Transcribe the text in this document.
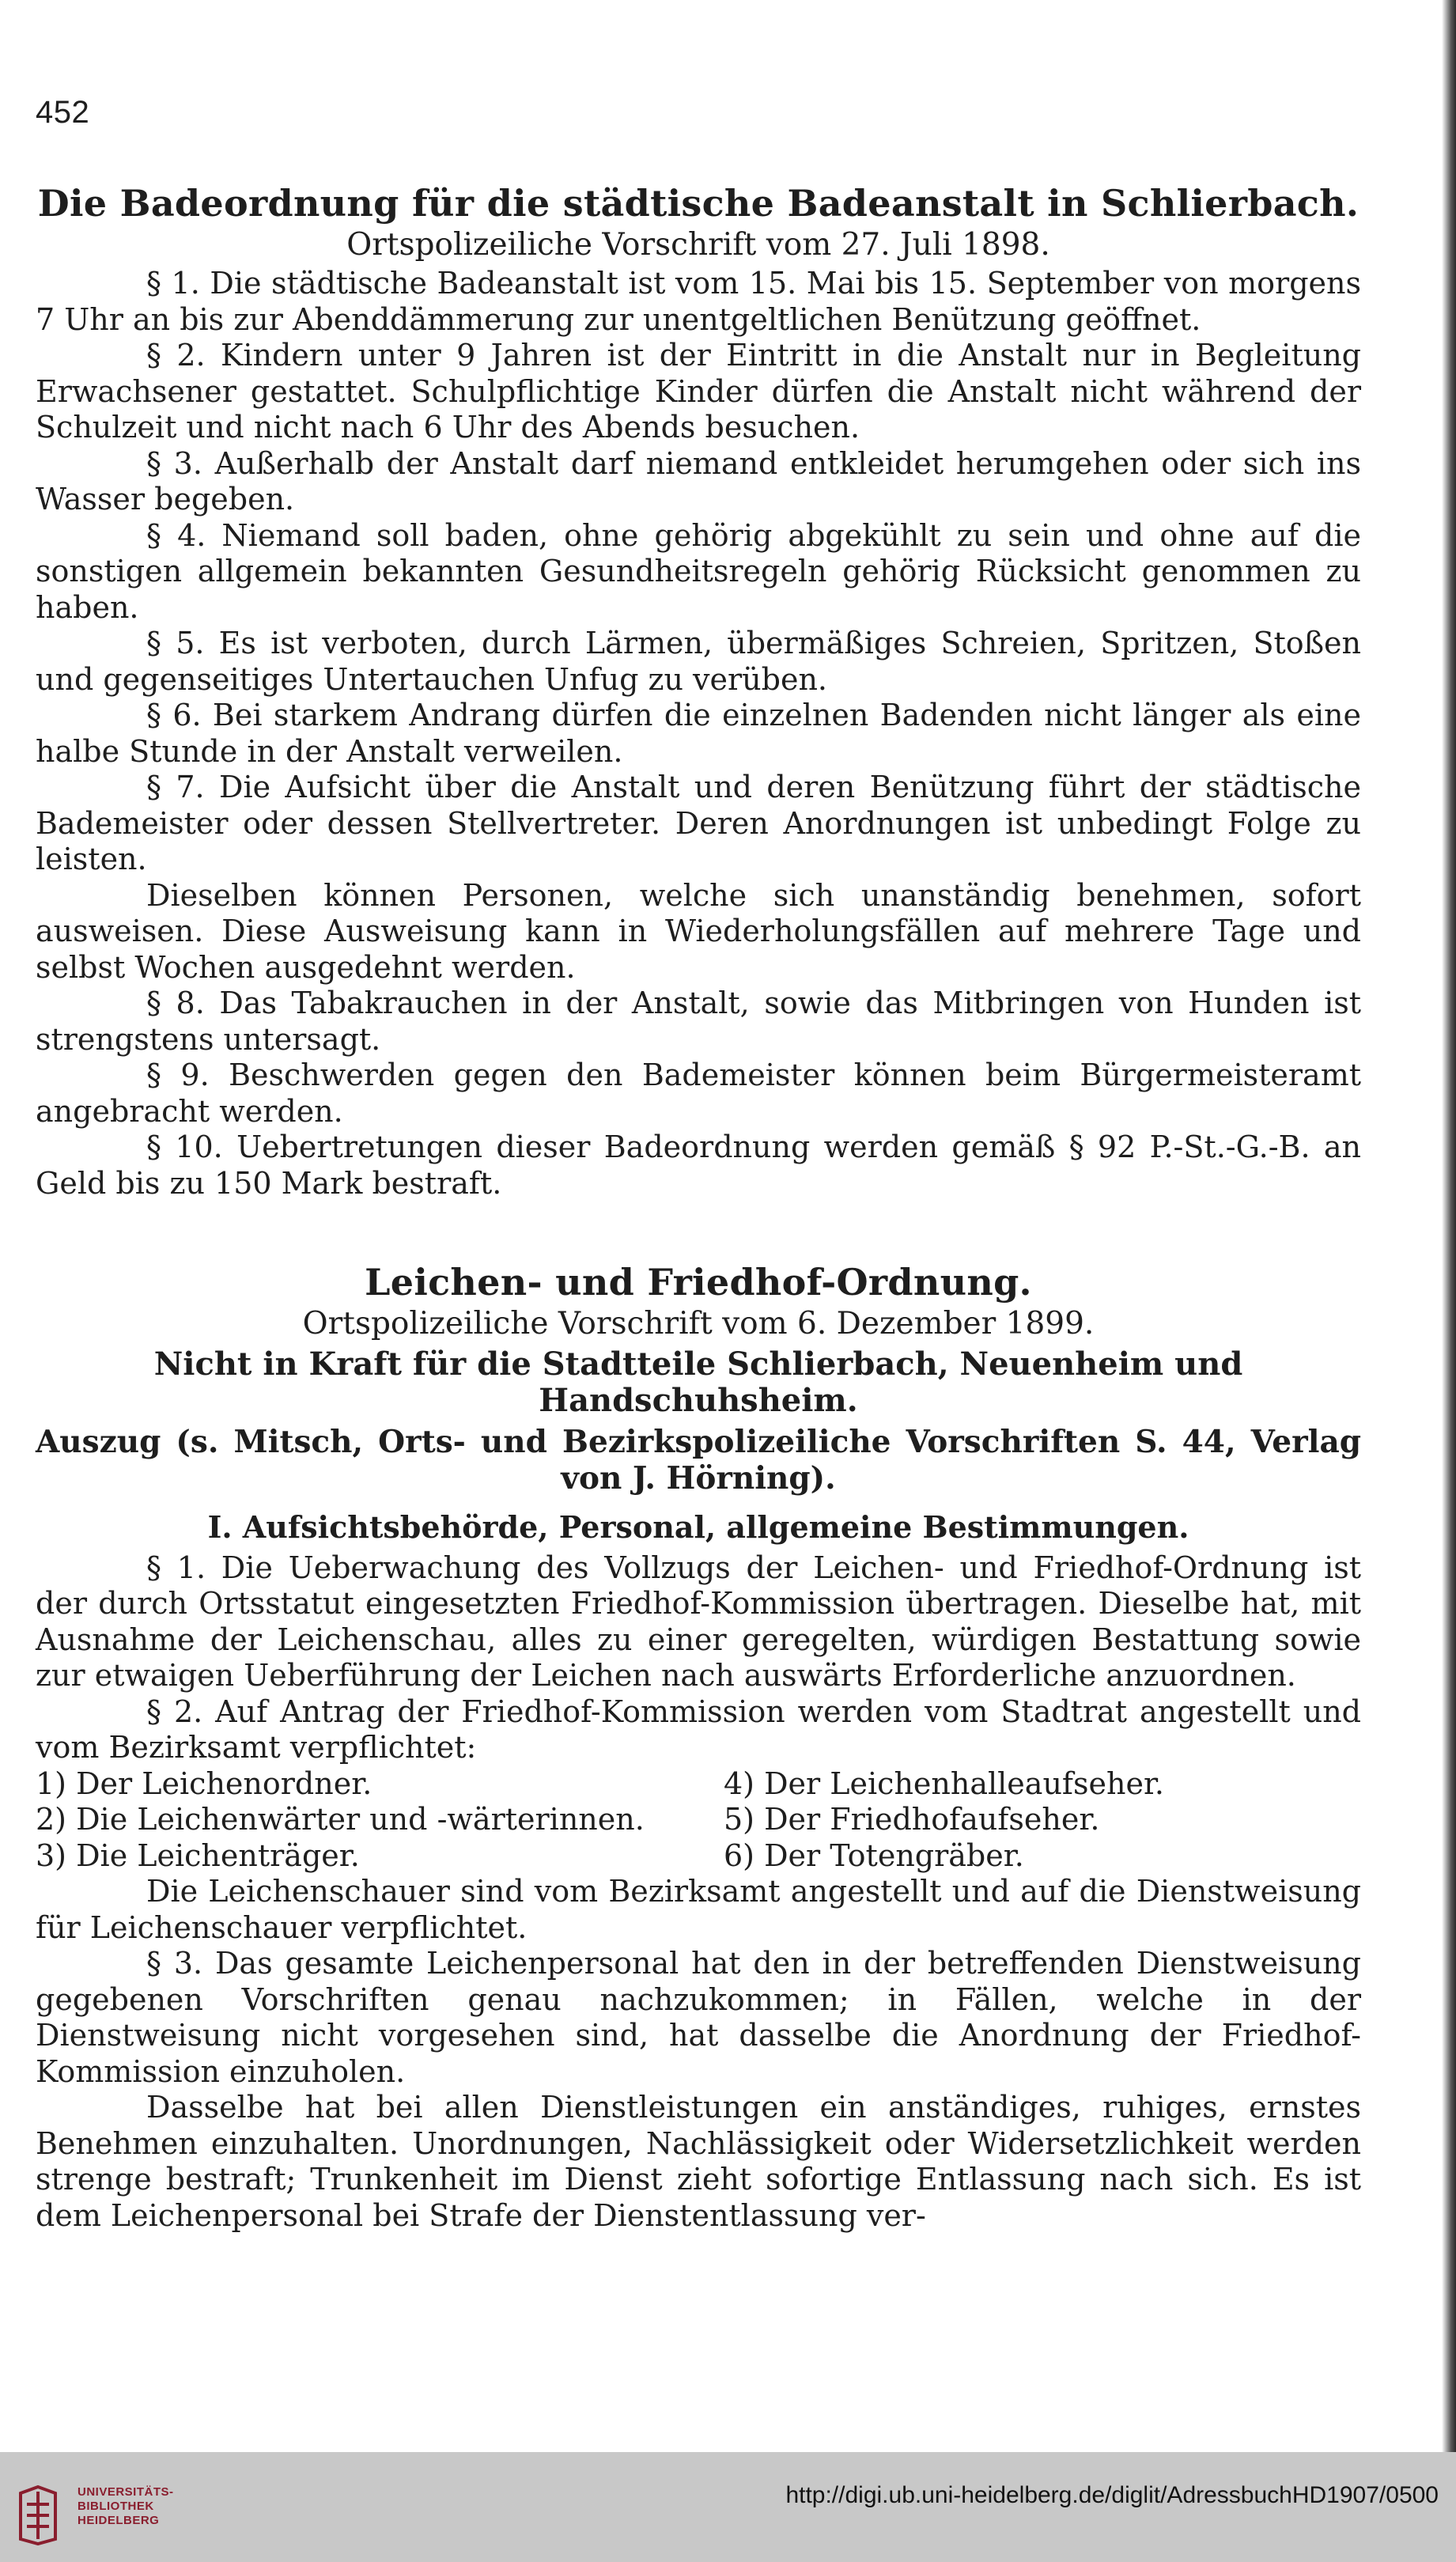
452
Die Badeordnung für die städtische Badeanstalt in Schlierbach.
Ortspolizeiliche Vorschrift vom 27. Juli 1898.

§ 1. Die städtische Badeanstalt ist vom 15. Mai bis 15. September von morgens 7 Uhr an bis zur Abenddämmerung zur unentgeltlichen Benützung geöffnet.

§ 2. Kindern unter 9 Jahren ist der Eintritt in die Anstalt nur in Begleitung Erwachsener gestattet. Schulpflichtige Kinder dürfen die Anstalt nicht während der Schulzeit und nicht nach 6 Uhr des Abends besuchen.

§ 3. Außerhalb der Anstalt darf niemand entkleidet herumgehen oder sich ins Wasser begeben.

§ 4. Niemand soll baden, ohne gehörig abgekühlt zu sein und ohne auf die sonstigen allgemein bekannten Gesundheitsregeln gehörig Rücksicht genommen zu haben.

§ 5. Es ist verboten, durch Lärmen, übermäßiges Schreien, Spritzen, Stoßen und gegenseitiges Untertauchen Unfug zu verüben.

§ 6. Bei starkem Andrang dürfen die einzelnen Badenden nicht länger als eine halbe Stunde in der Anstalt verweilen.

§ 7. Die Aufsicht über die Anstalt und deren Benützung führt der städtische Bademeister oder dessen Stellvertreter. Deren Anordnungen ist unbedingt Folge zu leisten.

Dieselben können Personen, welche sich unanständig benehmen, sofort ausweisen. Diese Ausweisung kann in Wiederholungsfällen auf mehrere Tage und selbst Wochen ausgedehnt werden.

§ 8. Das Tabakrauchen in der Anstalt, sowie das Mitbringen von Hunden ist strengstens untersagt.

§ 9. Beschwerden gegen den Bademeister können beim Bürgermeisteramt angebracht werden.

§ 10. Uebertretungen dieser Badeordnung werden gemäß § 92 P.-St.-G.-B. an Geld bis zu 150 Mark bestraft.

Leichen- und Friedhof-Ordnung.
Ortspolizeiliche Vorschrift vom 6. Dezember 1899.
Nicht in Kraft für die Stadtteile Schlierbach, Neuenheim und Handschuhsheim.
Auszug (s. Mitsch, Orts- und Bezirkspolizeiliche Vorschriften S. 44, Verlag von J. Hörning).
I. Aufsichtsbehörde, Personal, allgemeine Bestimmungen.

§ 1. Die Ueberwachung des Vollzugs der Leichen- und Friedhof-Ordnung ist der durch Ortsstatut eingesetzten Friedhof-Kommission übertragen. Dieselbe hat, mit Ausnahme der Leichenschau, alles zu einer geregelten, würdigen Bestattung sowie zur etwaigen Ueberführung der Leichen nach auswärts Erforderliche anzuordnen.

§ 2. Auf Antrag der Friedhof-Kommission werden vom Stadtrat angestellt und vom Bezirksamt verpflichtet:

1) Der Leichenordner.	4) Der Leichenhalleaufseher.
2) Die Leichenwärter und -wärterinnen.	5) Der Friedhofaufseher.
3) Die Leichenträger.	6) Der Totengräber.

Die Leichenschauer sind vom Bezirksamt angestellt und auf die Dienstweisung für Leichenschauer verpflichtet.

§ 3. Das gesamte Leichenpersonal hat den in der betreffenden Dienstweisung gegebenen Vorschriften genau nachzukommen; in Fällen, welche in der Dienstweisung nicht vorgesehen sind, hat dasselbe die Anordnung der Friedhof-Kommission einzuholen.

Dasselbe hat bei allen Dienstleistungen ein anständiges, ruhiges, ernstes Benehmen einzuhalten. Unordnungen, Nachlässigkeit oder Widersetzlichkeit werden strenge bestraft; Trunkenheit im Dienst zieht sofortige Entlassung nach sich. Es ist dem Leichenpersonal bei Strafe der Dienstentlassung ver-

UNIVERSITÄTS-
BIBLIOTHEK
HEIDELBERG
http://digi.ub.uni-heidelberg.de/diglit/AdressbuchHD1907/0500
